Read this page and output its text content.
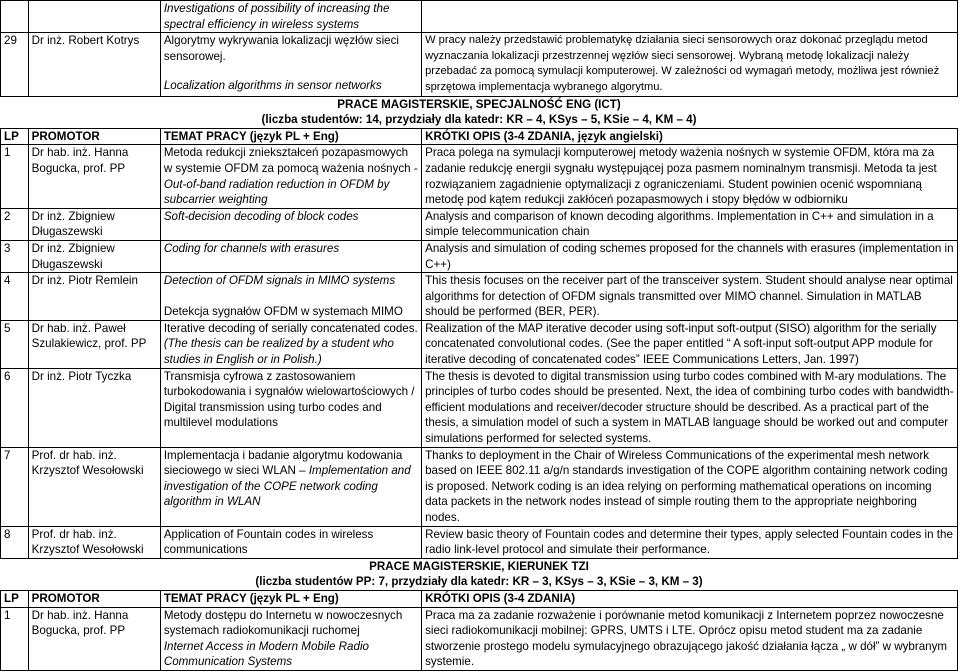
		Investigations of possibility of increasing the spectral efficiency in wireless systems	
29	Dr inż. Robert Kotrys	Algorytmy wykrywania lokalizacji węzłów sieci sensorowej.
Localization algorithms in sensor networks	W pracy należy przedstawić problematykę działania sieci sensorowych oraz dokonać przeglądu metod wyznaczania lokalizacji przestrzennej węzłów sieci sensorowej. Wybraną metodę lokalizacji należy przebadać za pomocą symulacji komputerowej. W zależności od wymagań metody, możliwa jest również sprzętowa implementacja wybranego algorytmu.

PRACE MAGISTERSKIE, SPECJALNOŚĆ ENG (ICT)
(liczba studentów: 14, przydziały dla katedr: KR – 4, KSys – 5, KSie – 4, KM – 4)			

LP	PROMOTOR	TEMAT PRACY (język PL + Eng)	KRÓTKI OPIS (3-4 ZDANIA, język angielski)
1	Dr hab. inż. Hanna Bogucka, prof. PP	Metoda redukcji zniekształceń pozapasmowych w systemie OFDM za pomocą ważenia nośnych -
Out-of-band radiation reduction in OFDM by subcarrier weighting	Praca polega na symulacji komputerowej metody ważenia nośnych w systemie OFDM, która ma za zadanie redukcję energii sygnału występującej poza pasmem nominalnym transmisji. Metoda ta jest rozwiązaniem zagadnienie optymalizacji z ograniczeniami. Student powinien ocenić wspomnianą metodę pod kątem redukcji zakłóceń pozapasmowych i stopy błędów w odbiorniku
2	Dr inż. Zbigniew Długaszewski	Soft-decision decoding of block codes	Analysis and comparison of known decoding algorithms. Implementation in C++ and simulation in a simple telecommunication chain
3	Dr inż. Zbigniew Długaszewski	Coding for channels with erasures	Analysis and simulation of coding schemes proposed for the channels with erasures (implementation in C++)
4	Dr inż. Piotr Remlein	Detection of OFDM signals in MIMO systems
Detekcja sygnałów OFDM w systemach MIMO	This thesis focuses on the receiver part of the transceiver system. Student should analyse near optimal algorithms for detection of OFDM signals transmitted over MIMO channel. Simulation in MATLAB should be performed (BER, PER).
5	Dr hab. inż. Paweł Szulakiewicz, prof. PP	Iterative decoding of serially concatenated codes.
(The thesis can be realized by a student who studies in English or in Polish.)	Realization of the MAP iterative decoder using soft-input soft-output (SISO) algorithm for the serially concatenated convolutional codes. (See the paper entitled “ A soft-input soft-output APP module for iterative decoding of concatenated codes” IEEE Communications Letters, Jan. 1997)
6	Dr inż. Piotr Tyczka	Transmisja cyfrowa z zastosowaniem turbokodowania i sygnałów wielowartościowych / Digital transmission using turbo codes and multilevel modulations	The thesis is devoted to digital transmission using turbo codes combined with M-ary modulations. The principles of turbo codes should be presented. Next, the idea of combining turbo codes with bandwidth-efficient modulations and receiver/decoder structure should be described. As a practical part of the thesis, a simulation model of such a system in MATLAB language should be worked out and computer simulations performed for selected systems.
7	Prof. dr hab. inż. Krzysztof Wesołowski	Implementacja i badanie algorytmu kodowania sieciowego w sieci WLAN – Implementation and investigation of the COPE network coding algorithm in WLAN	Thanks to deployment in the Chair of Wireless Communications of the experimental mesh network based on IEEE 802.11 a/g/n standards investigation of the COPE algorithm containing network coding is proposed. Network coding is an idea relying on performing mathematical operations on incoming data packets in the network nodes instead of simple routing them to the appropriate neighboring nodes.
8	Prof. dr hab. inż. Krzysztof Wesołowski	Application of Fountain codes in wireless communications	Review basic theory of Fountain codes and determine their types, apply selected Fountain codes in the radio link-level protocol and simulate their performance.

PRACE MAGISTERSKIE, KIERUNEK TZI
(liczba studentów PP: 7, przydziały dla katedr: KR – 3, KSys – 3, KSie – 3, KM – 3)			

LP	PROMOTOR	TEMAT PRACY (język PL + Eng)	KRÓTKI OPIS (3-4 ZDANIA)
1	Dr hab. inż. Hanna Bogucka, prof. PP	Metody dostępu do Internetu w nowoczesnych systemach radiokomunikacji ruchomej
Internet Access in Modern Mobile Radio Communication Systems	Praca ma za zadanie rozważenie i porównanie metod komunikacji z Internetem poprzez nowoczesne sieci radiokomunikacji mobilnej: GPRS, UMTS i LTE. Oprócz opisu metod student ma za zadanie stworzenie prostego modelu symulacyjnego obrazującego jakość działania łącza „ w dół” w wybranym systemie.
